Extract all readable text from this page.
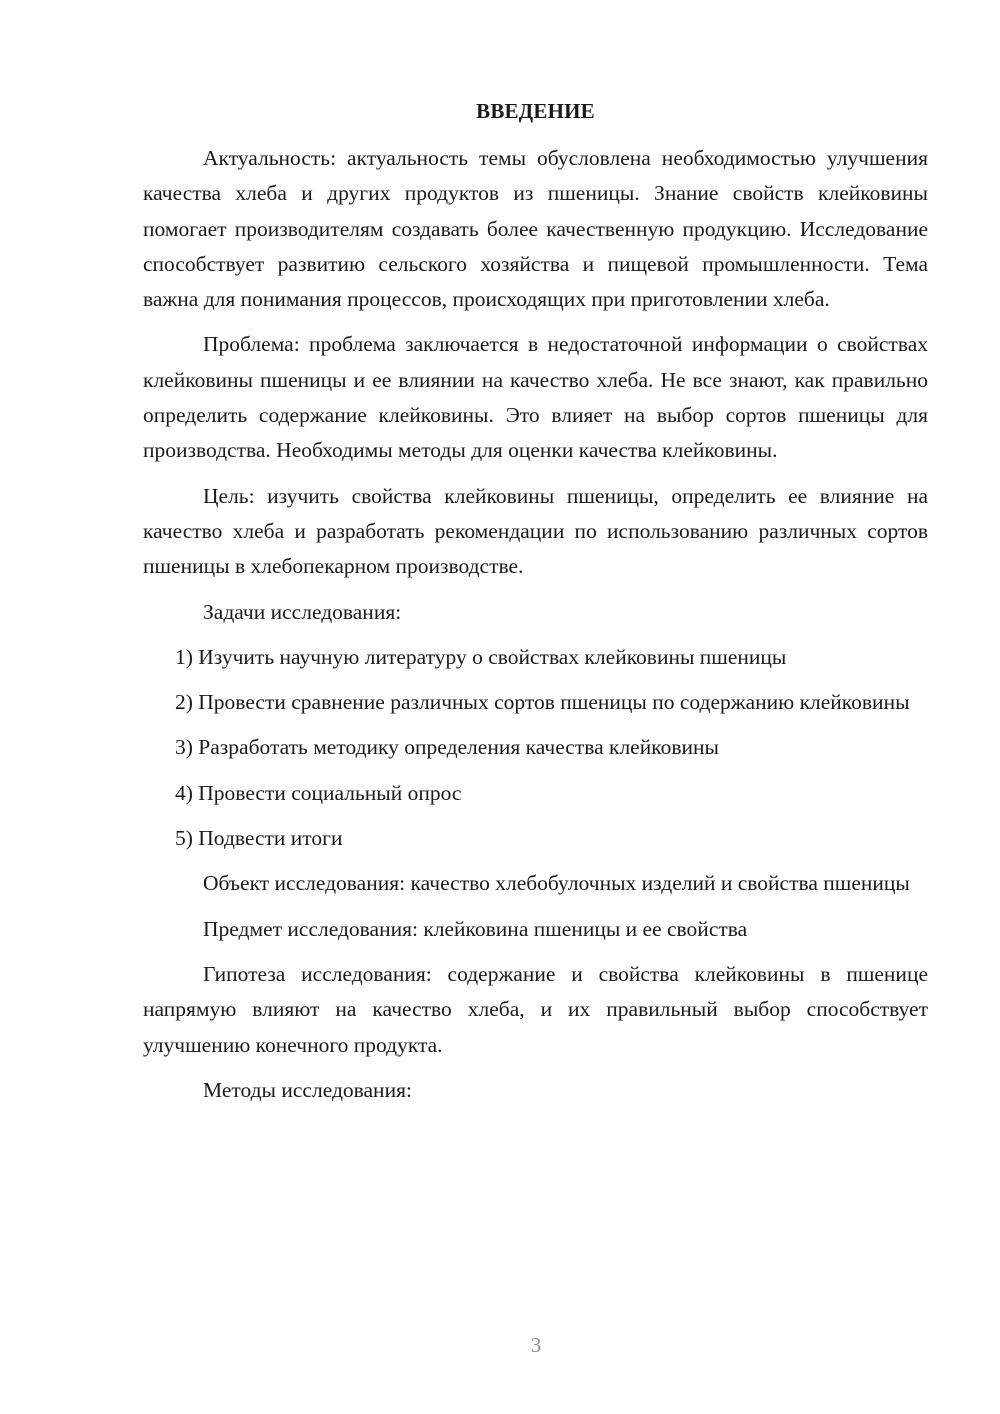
ВВЕДЕНИЕ

Актуальность: актуальность темы обусловлена необходимостью улучшения качества хлеба и других продуктов из пшеницы. Знание свойств клейковины помогает производителям создавать более качественную продукцию. Исследование способствует развитию сельского хозяйства и пищевой промышленности. Тема важна для понимания процессов, происходящих при приготовлении хлеба.

Проблема: проблема заключается в недостаточной информации о свойствах клейковины пшеницы и ее влиянии на качество хлеба. Не все знают, как правильно определить содержание клейковины. Это влияет на выбор сортов пшеницы для производства. Необходимы методы для оценки качества клейковины.

Цель: изучить свойства клейковины пшеницы, определить ее влияние на качество хлеба и разработать рекомендации по использованию различных сортов пшеницы в хлебопекарном производстве.

Задачи исследования:

1) Изучить научную литературу о свойствах клейковины пшеницы

2) Провести сравнение различных сортов пшеницы по содержанию клейковины

3) Разработать методику определения качества клейковины

4) Провести социальный опрос

5) Подвести итоги

Объект исследования: качество хлебобулочных изделий и свойства пшеницы

Предмет исследования: клейковина пшеницы и ее свойства

Гипотеза исследования: содержание и свойства клейковины в пшенице напрямую влияют на качество хлеба, и их правильный выбор способствует улучшению конечного продукта.

Методы исследования:

3
